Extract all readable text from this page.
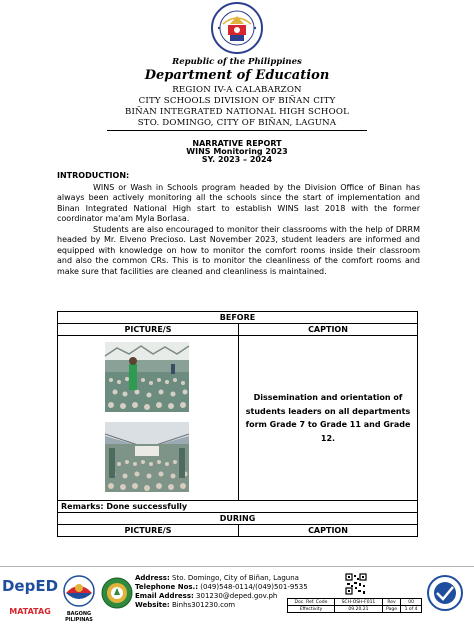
Republic of the Philippines
Department of Education
REGION IV-A CALABARZON
CITY SCHOOLS DIVISION OF BIÑAN CITY
BIÑAN INTEGRATED NATIONAL HIGH SCHOOL
STO. DOMINGO, CITY OF BIÑAN, LAGUNA
NARRATIVE REPORT
WINS Monitoring 2023
SY. 2023 – 2024
INTRODUCTION:

WINS or Wash in Schools program headed by the Division Office of Binan has always been actively monitoring all the schools since the start of implementation and Binan Integrated National High start to establish WINS last 2018 with the former coordinator ma'am Myla Borlasa.

Students are also encouraged to monitor their classrooms with the help of DRRM headed by Mr. Elveno Precioso. Last November 2023, student leaders are informed and equipped with knowledge on how to monitor the comfort rooms inside their classroom and also the common CRs. This is to monitor the cleanliness of the comfort rooms and make sure that facilities are cleaned and cleanliness is maintained.

BEFORE	
PICTURE/S	CAPTION

	Dissemination and orientation of students leaders on all departments form Grade 7 to Grade 11 and Grade 12.
Remarks: Done successfully	
DURING	
PICTURE/S	CAPTION
DepED

MATATAG	BAGONG PILIPINAS
Address: Sto. Domingo, City of Biñan, Laguna
Telephone Nos.: (049)548-0114/(049)501-9535
Email Address: 301230@deped.gov.ph
Website: Binhs301230.com	Doc. Ref. Code	SCH-OSH-F011	Rev	00
Effectivity	09.20.21	Page	1 of 4
